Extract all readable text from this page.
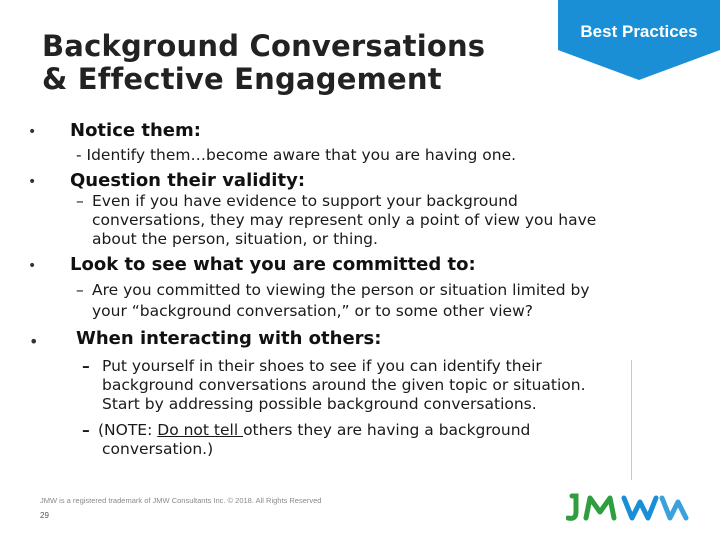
Background Conversations
& Effective Engagement
Best Practices
• Notice them:
- Identify them…become aware that you are having one.
• Question their validity:
– Even if you have evidence to support your background
conversations, they may represent only a point of view you have
about the person, situation, or thing.
• Look to see what you are committed to:
– Are you committed to viewing the person or situation limited by
your “background conversation,” or to some other view?
• When interacting with others:
– Put yourself in their shoes to see if you can identify their
background conversations around the given topic or situation.
Start by addressing possible background conversations.
– (NOTE: Do not tell others they are having a background
conversation.)
JMW is a registered trademark of JMW Consultants Inc. © 2018. All Rights Reserved
29
